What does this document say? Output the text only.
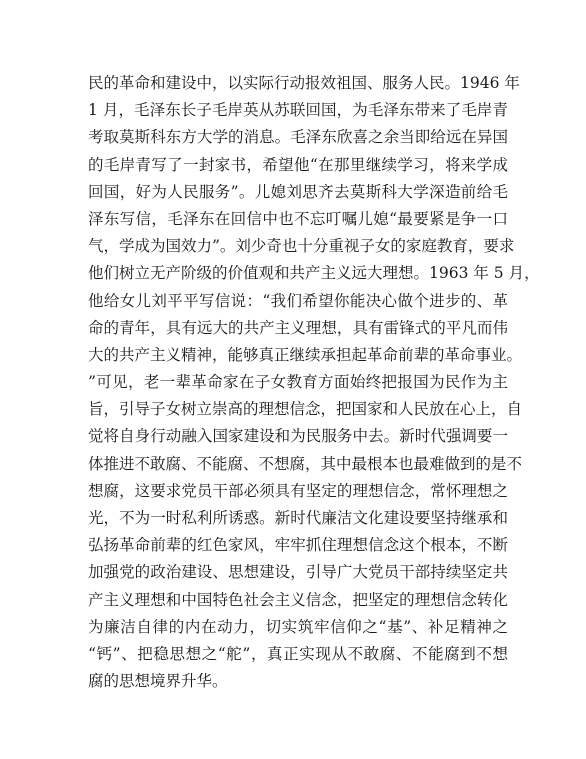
民的革命和建设中，以实际行动报效祖国、服务人民。1946 年
1 月，毛泽东长子毛岸英从苏联回国，为毛泽东带来了毛岸青
考取莫斯科东方大学的消息。毛泽东欣喜之余当即给远在异国
的毛岸青写了一封家书，希望他“在那里继续学习，将来学成
回国，好为人民服务”。儿媳刘思齐去莫斯科大学深造前给毛
泽东写信，毛泽东在回信中也不忘叮嘱儿媳“最要紧是争一口
气，学成为国效力”。刘少奇也十分重视子女的家庭教育，要求
他们树立无产阶级的价值观和共产主义远大理想。1963 年 5 月，
他给女儿刘平平写信说：“我们希望你能决心做个进步的、革
命的青年，具有远大的共产主义理想，具有雷锋式的平凡而伟
大的共产主义精神，能够真正继续承担起革命前辈的革命事业。
”可见，老一辈革命家在子女教育方面始终把报国为民作为主
旨，引导子女树立崇高的理想信念，把国家和人民放在心上，自
觉将自身行动融入国家建设和为民服务中去。新时代强调要一
体推进不敢腐、不能腐、不想腐，其中最根本也最难做到的是不
想腐，这要求党员干部必须具有坚定的理想信念，常怀理想之
光，不为一时私利所诱惑。新时代廉洁文化建设要坚持继承和
弘扬革命前辈的红色家风，牢牢抓住理想信念这个根本，不断
加强党的政治建设、思想建设，引导广大党员干部持续坚定共
产主义理想和中国特色社会主义信念，把坚定的理想信念转化
为廉洁自律的内在动力，切实筑牢信仰之“基”、补足精神之
“钙”、把稳思想之“舵”，真正实现从不敢腐、不能腐到不想
腐的思想境界升华。
